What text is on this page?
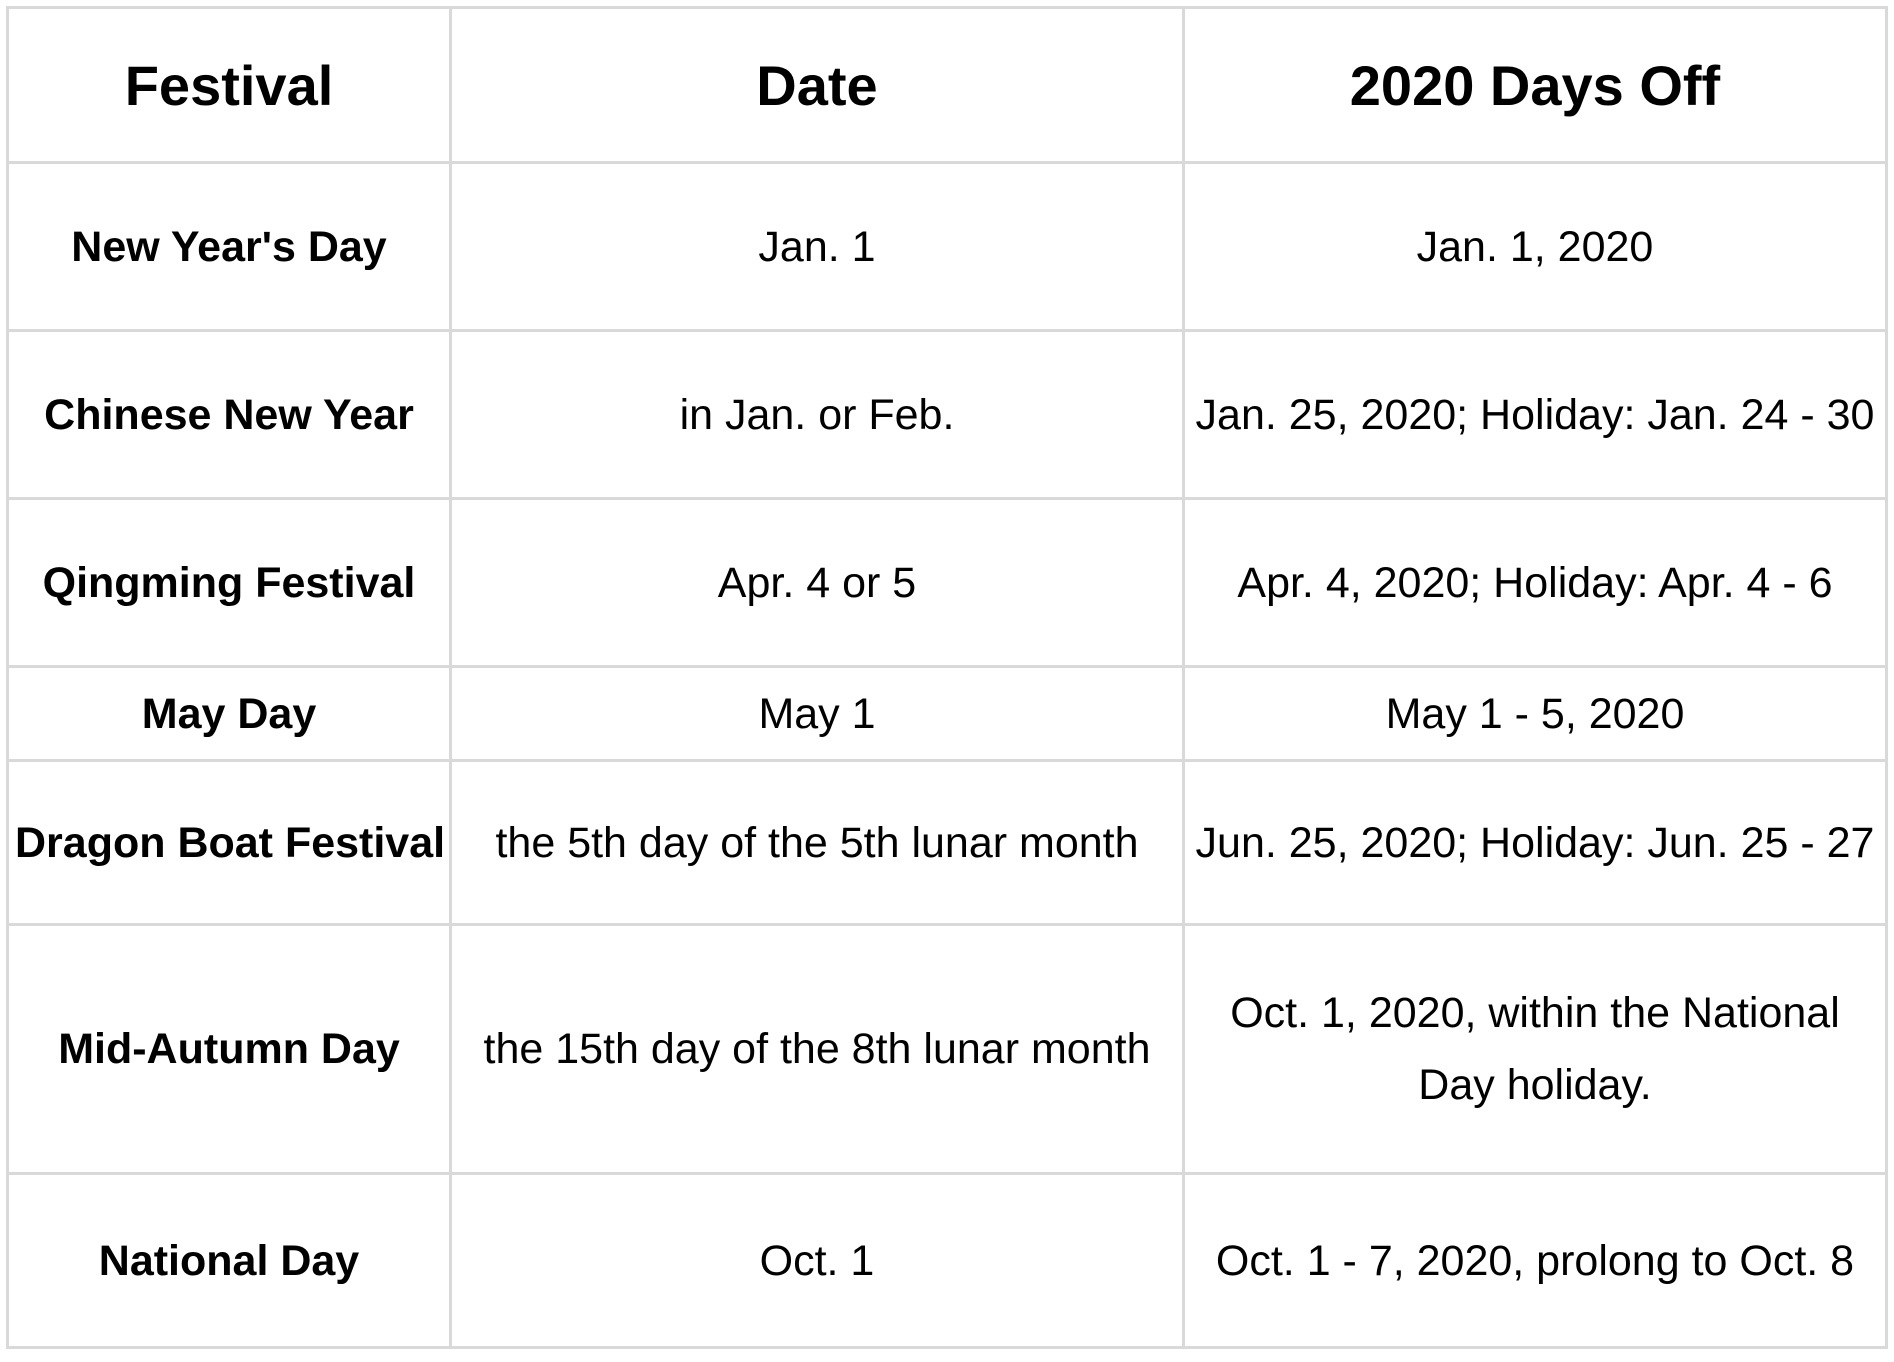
Festival	Date	2020 Days Off
New Year's Day	Jan. 1	Jan. 1, 2020
Chinese New Year	in Jan. or Feb.	Jan. 25, 2020; Holiday: Jan. 24 - 30
Qingming Festival	Apr. 4 or 5	Apr. 4, 2020; Holiday: Apr. 4 - 6
May Day	May 1	May 1 - 5, 2020
Dragon Boat Festival	the 5th day of the 5th lunar month	Jun. 25, 2020; Holiday: Jun. 25 - 27
Mid-Autumn Day	the 15th day of the 8th lunar month	Oct. 1, 2020, within the National Day holiday.
National Day	Oct. 1	Oct. 1 - 7, 2020, prolong to Oct. 8
